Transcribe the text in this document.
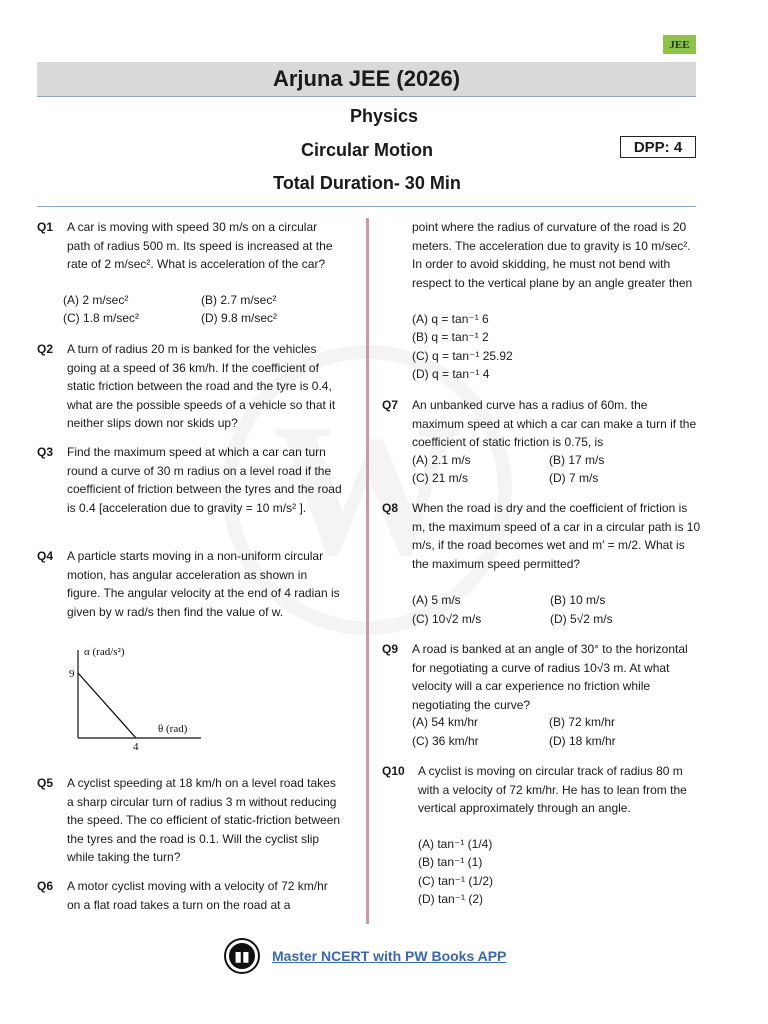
JEE
Arjuna JEE (2026)
Physics
Circular Motion	DPP: 4
Total Duration- 30 Min
Q1 A car is moving with speed 30 m/s on a circular path of radius 500 m. Its speed is increased at the rate of 2 m/sec². What is acceleration of the car?
(A) 2 m/sec²	(B) 2.7 m/sec²
(C) 1.8 m/sec²	(D) 9.8 m/sec²
Q2 A turn of radius 20 m is banked for the vehicles going at a speed of 36 km/h. If the coefficient of static friction between the road and the tyre is 0.4, what are the possible speeds of a vehicle so that it neither slips down nor skids up?
Q3 Find the maximum speed at which a car can turn round a curve of 30 m radius on a level road if the coefficient of friction between the tyres and the road is 0.4 [acceleration due to gravity = 10 m/s² ].
Q4 A particle starts moving in a non-uniform circular motion, has angular acceleration as shown in figure. The angular velocity at the end of 4 radian is given by w rad/s then find the value of w.
α (rad/s²)
θ (rad)
9
4
Q5 A cyclist speeding at 18 km/h on a level road takes a sharp circular turn of radius 3 m without reducing the speed. The co efficient of static-friction between the tyres and the road is 0.1. Will the cyclist slip while taking the turn?
Q6 A motor cyclist moving with a velocity of 72 km/hr on a flat road takes a turn on the road at a
point where the radius of curvature of the road is 20 meters. The acceleration due to gravity is 10 m/sec². In order to avoid skidding, he must not bend with respect to the vertical plane by an angle greater then
(A) q = tan⁻¹ 6
(B) q = tan⁻¹ 2
(C) q = tan⁻¹ 25.92
(D) q = tan⁻¹ 4
Q7 An unbanked curve has a radius of 60m. the maximum speed at which a car can make a turn if the coefficient of static friction is 0.75, is
(A) 2.1 m/s	(B) 17 m/s
(C) 21 m/s	(D) 7 m/s
Q8 When the road is dry and the coefficient of friction is m, the maximum speed of a car in a circular path is 10 m/s, if the road becomes wet and m′ = m/2. What is the maximum speed permitted?
(A) 5 m/s	(B) 10 m/s
(C) 10√2 m/s	(D) 5√2 m/s
Q9 A road is banked at an angle of 30° to the horizontal for negotiating a curve of radius 10√3 m. At what velocity will a car experience no friction while negotiating the curve?
(A) 54 km/hr	(B) 72 km/hr
(C) 36 km/hr	(D) 18 km/hr
Q10 A cyclist is moving on circular track of radius 80 m with a velocity of 72 km/hr. He has to lean from the vertical approximately through an angle.
(A) tan⁻¹ (1/4)
(B) tan⁻¹ (1)
(C) tan⁻¹ (1/2)
(D) tan⁻¹ (2)
▮▮	Master NCERT with PW Books APP
